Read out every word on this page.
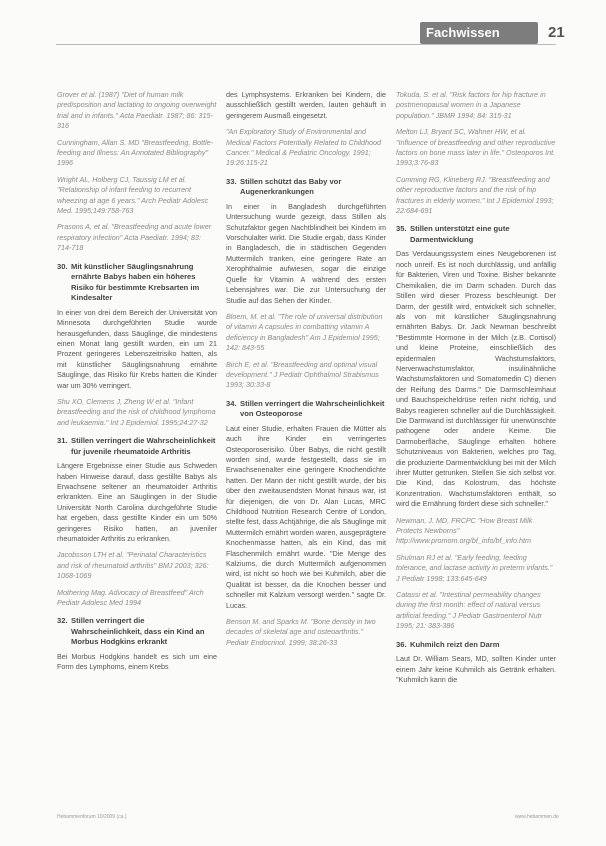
Fachwissen	21

Grover et al. (1987) "Diet of human milk predisposition and lactating to ongoing overweight trial and in infants." Acta Paediatr. 1987; 86: 315-316

Cunningham, Allan S. MD "Breastfeeding, Bottle-feeding and Illness: An Annotated Bibliography" 1996

Wright AL, Holberg CJ, Taussig LM et al. "Relationship of infant feeding to recurrent wheezing at age 6 years." Arch Pediatr Adolesc Med. 1995;149:758-763

Prasons A, et al. "Breastfeeding and acute lower respiratory infection" Acta Paediatr. 1994; 83: 714-718

30. Mit künstlicher Säuglingsnahrung ernährte Babys haben ein höheres Risiko für bestimmte Krebsarten im Kindesalter

In einer von drei dem Bereich der Universität von Minnesota durchgeführten Studie wurde herausgefunden, dass Säuglinge, die mindestens einen Monat lang gestillt wurden, ein um 21 Prozent geringeres Lebenszeitrisiko hatten, als mit künstlicher Säuglingsnahrung ernährte Säuglinge, das Risiko für Krebs hatten die Kinder war um 30% verringert.

Shu XO, Clemens J, Zheng W et al. "Infant breastfeeding and the risk of childhood lymphoma and leukaemia." Int J Epidemiol. 1995;24:27-32

31. Stillen verringert die Wahrscheinlichkeit für juvenile rheumatoide Arthritis

Längere Ergebnisse einer Studie aus Schweden haben Hinweise darauf, dass gestillte Babys als Erwachsene seltener an rheumatoider Arthritis erkrankten. Eine an Säuglingen in der Studie Universität North Carolina durchgeführte Studie hat ergeben, dass gestillte Kinder ein um 50% geringeres Risiko hatten, an juveniler rheumatoider Arthritis zu erkranken.

Jacobsson LTH et al. "Perinatal Characteristics and risk of rheumatoid arthritis" BMJ 2003; 326: 1068-1069

Mothering Mag. Advocacy of Breastfeed" Arch Pediatr Adolesc Med 1994

32. Stillen verringert die Wahrscheinlichkeit, dass ein Kind an Morbus Hodgkins erkrankt

Bei Morbus Hodgkins handelt es sich um eine Form des Lymphoms, einem Krebs

des Lymphsystems. Erkranken bei Kindern, die ausschließlich gestillt werden, lauten gehäuft in geringerem Ausmaß eingesetzt.

"An Exploratory Study of Environmental and Medical Factors Potentially Related to Childhood Cancer." Medical & Pediatric Oncology. 1991; 19:26:115-21

33. Stillen schützt das Baby vor Augenerkrankungen

In einer in Bangladesh durchgeführten Untersuchung wurde gezeigt, dass Stillen als Schutzfaktor gegen Nachtblindheit bei Kindern im Vorschulalter wirkt. Die Studie ergab, dass Kinder in Bangladesch, die in städtischen Gegenden Muttermilch tranken, eine geringere Rate an Xerophthalmie aufwiesen, sogar die einzige Quelle für Vitamin A während des ersten Lebensjahres war. Die zur Untersuchung der Studie auf das Sehen der Kinder.

Bloem, M. et al. "The role of universal distribution of vitamin A capsules in combatting vitamin A deficiency in Bangladesh" Am J Epidemiol 1995; 142: 843-55

Birch E, et al. "Breastfeeding and optimal visual development." J Pediatr Ophthalmol Strabismus 1993; 30:33-8

34. Stillen verringert die Wahrscheinlichkeit von Osteoporose

Laut einer Studie, erhalten Frauen die Mütter als auch ihre Kinder ein verringertes Osteoporoserisiko. Über Babys, die nicht gestillt worden sind, wurde festgestellt, dass sie im Erwachsenenalter eine geringere Knochendichte hatten. Der Mann der nicht gestillt wurde, der bis über den zweitausendsten Monat hinaus war, ist für diejenigen, die von Dr. Alan Lucas, MRC Childhood Nutrition Research Centre of London, stellte fest, dass Achtjährige, die als Säuglinge mit Muttermilch ernährt worden waren, ausgeprägtere Knochenmasse hatten, als ein Kind, das mit Flaschenmilch ernährt wurde. "Die Menge des Kalziums, die durch Muttermilch aufgenommen wird, ist nicht so hoch wie bei Kuhmilch, aber die Qualität ist besser, da die Knochen besser und schneller mit Kalzium versorgt werden." sagte Dr. Lucas.

Benson M. and Sparks M. "Bone density in two decades of skeletal age and osteoarthritis." Pediatr Endocrinol. 1999; 38:26-33

Tokuda, S. et al. "Risk factors for hip fracture in postmenopausal women in a Japanese population." JBMR 1994; 84: 315-31

Melton LJ, Bryant SC, Wahner HW, et al. "Influence of breastfeeding and other reproductive factors on bone mass later in life." Osteoporos Int. 1993;3:76-83

Cumming RG, Klineberg RJ. "Breastfeeding and other reproductive factors and the risk of hip fractures in elderly women." Int J Epidemiol 1993; 22:684-691

35. Stillen unterstützt eine gute Darmentwicklung

Das Verdauungssystem eines Neugeborenen ist noch unreif. Es ist noch durchlässig, und anfällig für Bakterien, Viren und Toxine. Bisher bekannte Chemikalien, die im Darm schaden. Durch das Stillen wird dieser Prozess beschleunigt. Der Darm, der gestillt wird, entwickelt sich schneller, als von mit künstlicher Säuglingsnahrung ernährten Babys. Dr. Jack Newman beschreibt "Bestimmte Hormone in der Milch (z.B. Cortisol) und kleine Proteine, einschließlich des epidermalen Wachstumsfaktors, Nervenwachstumsfaktor, insulinähnliche Wachstumsfaktoren und Somatomedin C) dienen der Reifung des Darms." Die Darmschleimhaut und Bauchspeicheldrüse reifen nicht richtig, und Babys reagieren schneller auf die Durchlässigkeit. Die Darmwand ist durchlässiger für unerwünschte pathogene oder andere Keime. Die Darmoberfläche, Säuglinge erhalten höhere Schutzniveaus von Bakterien, welches pro Tag, die produzierte Darmentwicklung bei mit der Milch ihrer Mutter getrunken. Stellen Sie sich selbst vor. Die Kind, das Kolostrum, das höchste Konzentration. Wachstumsfaktoren enthält, so wird die Ernährung fördert diese sich schneller."

Newman, J. MD, FRCPC "How Breast Milk Protects Newborns" http://www.promom.org/bf_info/bf_info.htm

Shulman RJ et al. "Early feeding, feeding tolerance, and lactase activity in preterm infants." J Pediatr 1998; 133:645-649

Catassi et al. "Intestinal permeability changes during the first month: effect of natural versus artificial feeding." J Pediatr Gastroenterol Nutr 1995; 21: 383-386

36. Kuhmilch reizt den Darm

Laut Dr. William Sears, MD, sollten Kinder unter einem Jahr keine Kuhmilch als Getränk erhalten. "Kuhmilch kann die

Hebammenforum 10/2009 (ca.)	www.hebammen.de
